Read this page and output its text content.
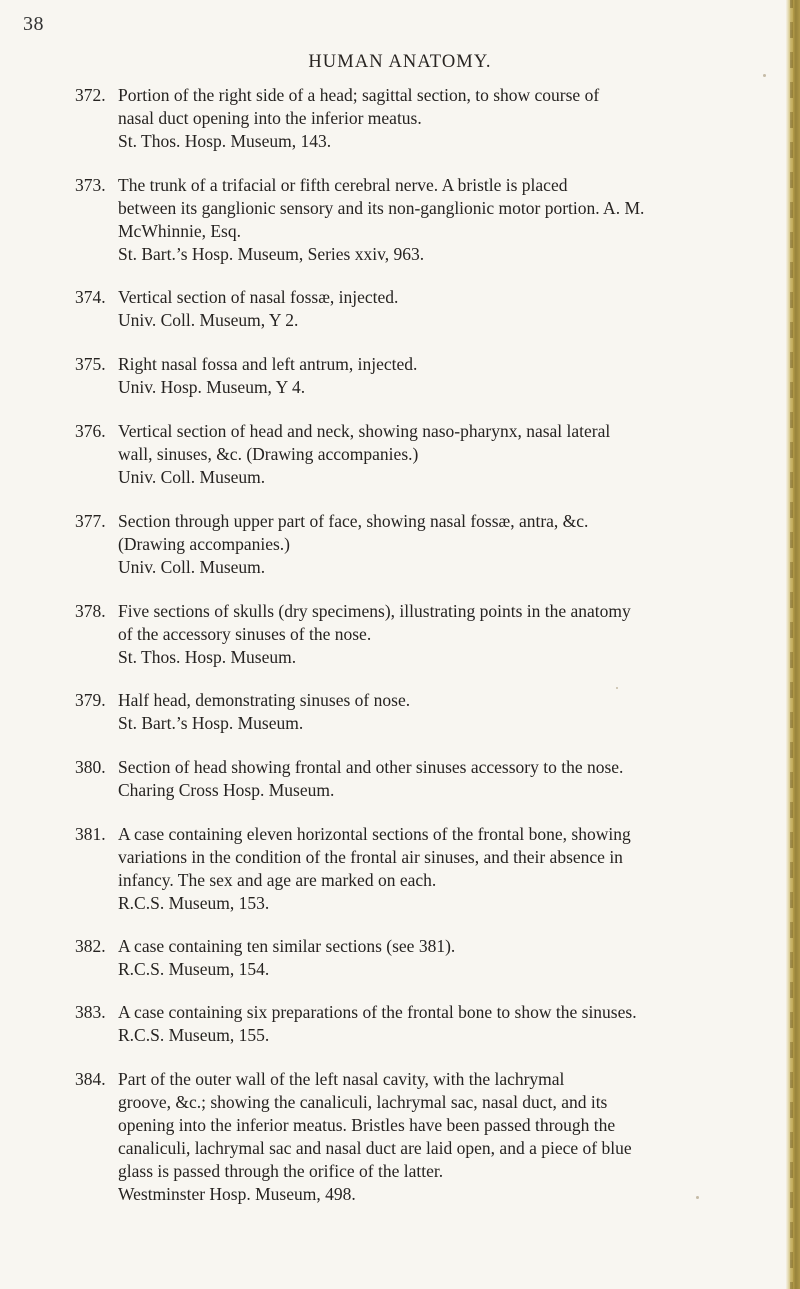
38
HUMAN ANATOMY.
372. Portion of the right side of a head; sagittal section, to show course of
nasal duct opening into the inferior meatus.
St. Thos. Hosp. Museum, 143.
373. The trunk of a trifacial or fifth cerebral nerve. A bristle is placed
between its ganglionic sensory and its non-ganglionic motor portion. A. M.
McWhinnie, Esq.
St. Bart.’s Hosp. Museum, Series xxiv, 963.
374. Vertical section of nasal fossæ, injected.
Univ. Coll. Museum, Y 2.
375. Right nasal fossa and left antrum, injected.
Univ. Hosp. Museum, Y 4.
376. Vertical section of head and neck, showing naso-pharynx, nasal lateral
wall, sinuses, &c. (Drawing accompanies.)
Univ. Coll. Museum.
377. Section through upper part of face, showing nasal fossæ, antra, &c.
(Drawing accompanies.)
Univ. Coll. Museum.
378. Five sections of skulls (dry specimens), illustrating points in the anatomy
of the accessory sinuses of the nose.
St. Thos. Hosp. Museum.
379. Half head, demonstrating sinuses of nose.
St. Bart.’s Hosp. Museum.
380. Section of head showing frontal and other sinuses accessory to the nose.
Charing Cross Hosp. Museum.
381. A case containing eleven horizontal sections of the frontal bone, showing
variations in the condition of the frontal air sinuses, and their absence in
infancy. The sex and age are marked on each.
R.C.S. Museum, 153.
382. A case containing ten similar sections (see 381).
R.C.S. Museum, 154.
383. A case containing six preparations of the frontal bone to show the sinuses.
R.C.S. Museum, 155.
384. Part of the outer wall of the left nasal cavity, with the lachrymal
groove, &c.; showing the canaliculi, lachrymal sac, nasal duct, and its
opening into the inferior meatus. Bristles have been passed through the
canaliculi, lachrymal sac and nasal duct are laid open, and a piece of blue
glass is passed through the orifice of the latter.
Westminster Hosp. Museum, 498.
